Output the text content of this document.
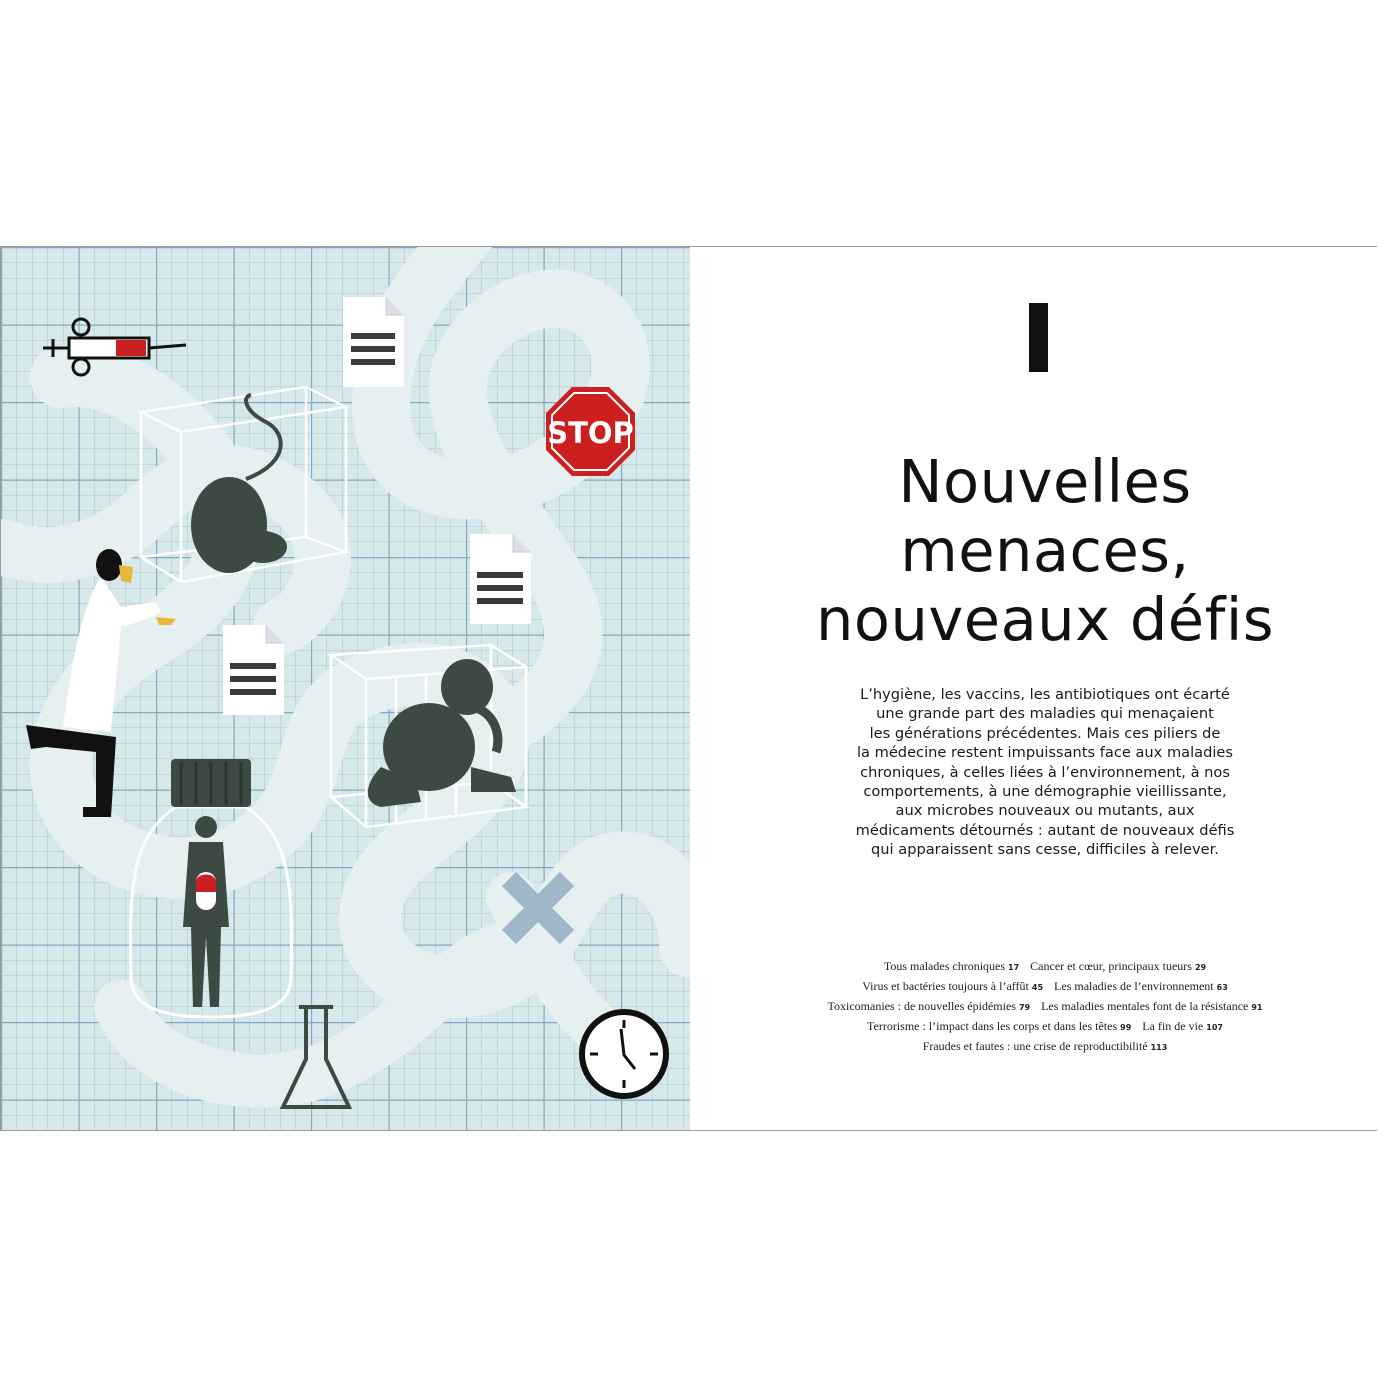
STOP
Nouvelles
menaces,
nouveaux défis

L’hygiène, les vaccins, les antibiotiques ont écarté
une grande part des maladies qui menaçaient
les générations précédentes. Mais ces piliers de
la médecine restent impuissants face aux maladies
chroniques, à celles liées à l’environnement, à nos
comportements, à une démographie vieillissante,
aux microbes nouveaux ou mutants, aux
médicaments détournés : autant de nouveaux défis
qui apparaissent sans cesse, difficiles à relever.

Tous malades chroniques 17 Cancer et cœur, principaux tueurs 29
Virus et bactéries toujours à l’affût 45 Les maladies de l’environnement 63
Toxicomanies : de nouvelles épidémies 79 Les maladies mentales font de la résistance 91
Terrorisme : l’impact dans les corps et dans les têtes 99 La fin de vie 107
Fraudes et fautes : une crise de reproductibilité 113
